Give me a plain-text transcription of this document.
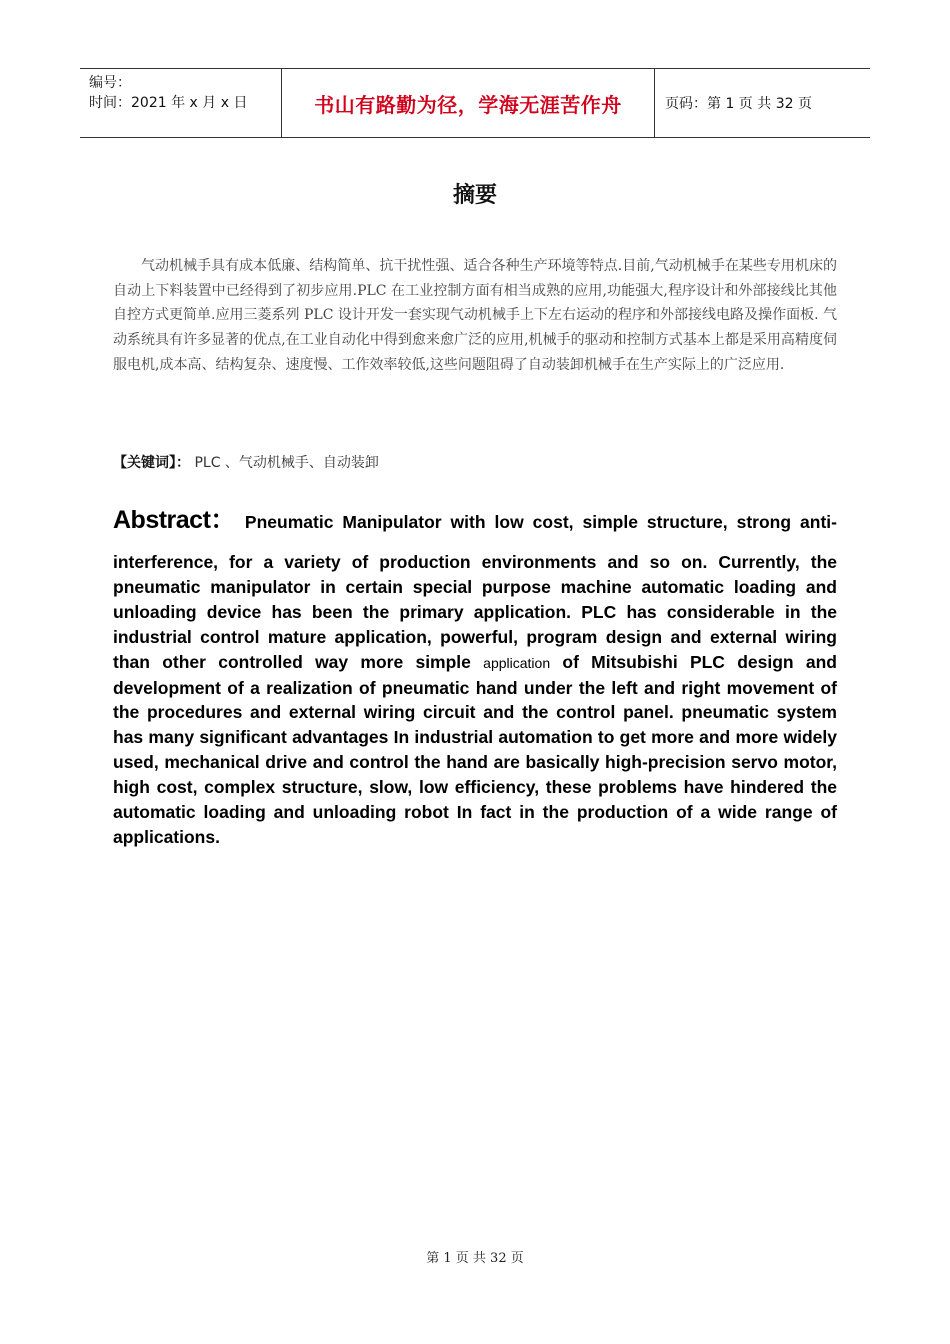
编号：
时间：2021 年 x 月 x 日	书山有路勤为径，学海无涯苦作舟	页码：第 1 页 共 32 页
摘要

气动机械手具有成本低廉、结构简单、抗干扰性强、适合各种生产环境等特点.目前,气动机械手在某些专用机床的自动上下料装置中已经得到了初步应用.PLC 在工业控制方面有相当成熟的应用,功能强大,程序设计和外部接线比其他自控方式更简单.应用三菱系列 PLC 设计开发一套实现气动机械手上下左右运动的程序和外部接线电路及操作面板. 气动系统具有许多显著的优点,在工业自动化中得到愈来愈广泛的应用,机械手的驱动和控制方式基本上都是采用高精度伺服电机,成本高、结构复杂、速度慢、工作效率较低,这些问题阻碍了自动装卸机械手在生产实际上的广泛应用.

【关键词】： PLC 、气动机械手、自动装卸
Abstract： Pneumatic Manipulator with low cost, simple structure, strong anti-

interference, for a variety of production environments and so on. Currently, the pneumatic manipulator in certain special purpose machine automatic loading and unloading device has been the primary application. PLC has considerable in the industrial control mature application, powerful, program design and external wiring than other controlled way more simple application of Mitsubishi PLC design and development of a realization of pneumatic hand under the left and right movement of the procedures and external wiring circuit and the control panel. pneumatic system has many significant advantages In industrial automation to get more and more widely used, mechanical drive and control the hand are basically high-precision servo motor, high cost, complex structure, slow, low efficiency, these problems have hindered the automatic loading and unloading robot In fact in the production of a wide range of applications.

第 1 页 共 32 页
